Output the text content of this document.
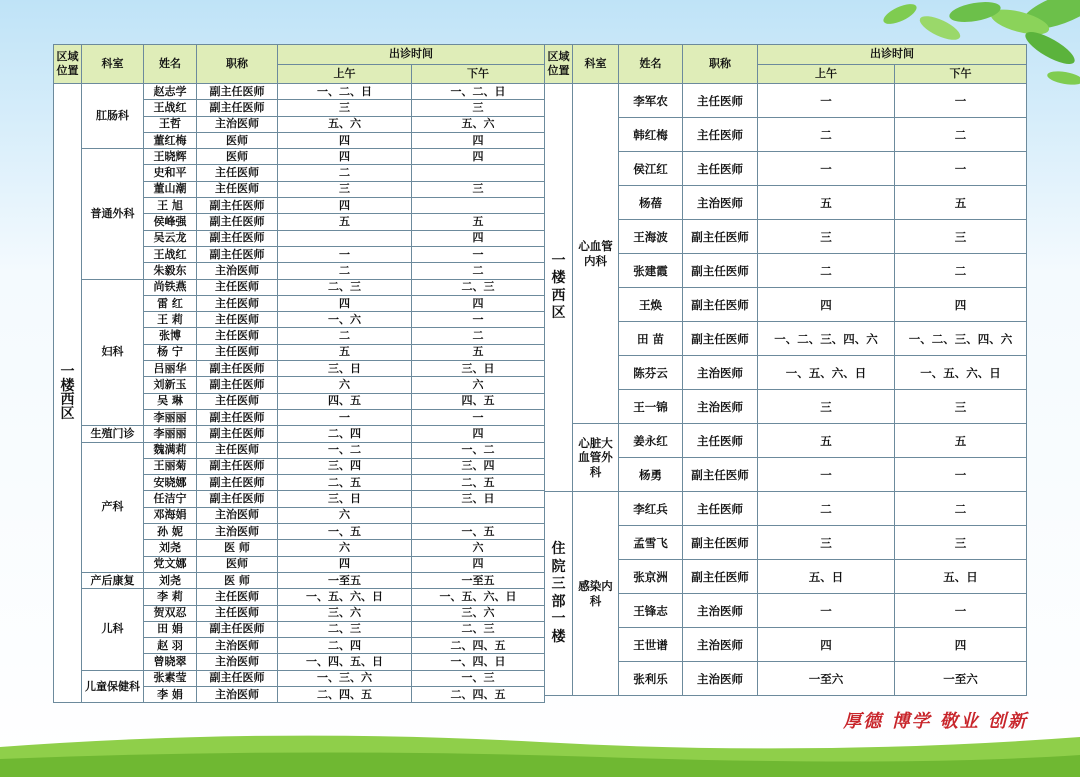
区域位置	科室	姓名	职称	出诊时间	
				上午	下午
一楼西区	肛肠科	赵志学	副主任医师	一、二、日	一、二、日
		王战红	副主任医师	三	三
		王哲	主治医师	五、六	五、六
		董红梅	医师	四	四
	普通外科	王晓辉	医师	四	四
		史和平	主任医师	二	
		董山潮	主任医师	三	三
		王 旭	副主任医师	四	
		侯峰强	副主任医师	五	五
		吴云龙	副主任医师		四
		王战红	副主任医师	一	一
		朱毅东	主治医师	二	二
	妇科	尚铁燕	主任医师	二、三	二、三
		雷 红	主任医师	四	四
		王 莉	主任医师	一、六	一
		张博	主任医师	二	二
		杨 宁	主任医师	五	五
		吕丽华	副主任医师	三、日	三、日
		刘新玉	副主任医师	六	六
		吴 琳	主任医师	四、五	四、五
		李丽丽	副主任医师	一	一
	生殖门诊	李丽丽	副主任医师	二、四	四
	产科	魏满莉	主任医师	一、二	一、二
		王丽菊	副主任医师	三、四	三、四
		安晓娜	副主任医师	二、五	二、五
		任洁宁	副主任医师	三、日	三、日
		邓海娟	主治医师	六	
		孙 妮	主治医师	一、五	一、五
		刘尧	医 师	六	六
		党文娜	医师	四	四
	产后康复	刘尧	医 师	一至五	一至五
	儿科	李 莉	主任医师	一、五、六、日	一、五、六、日
		贺双忍	主任医师	三、六	三、六
		田 娟	副主任医师	二、三	二、三
		赵 羽	主治医师	二、四	二、四、五
		曾晓翠	主治医师	一、四、五、日	一、四、日
	儿童保健科	张素莹	副主任医师	一、三、六	一、三
		李 娟	主治医师	二、四、五	二、四、五
区域位置	科室	姓名	职称	出诊时间	
				上午	下午
一楼西区	心血管内科	李军农	主任医师	一	一
		韩红梅	主任医师	二	二
		侯江红	主任医师	一	一
		杨蓓	主治医师	五	五
		王海波	副主任医师	三	三
		张建霞	副主任医师	二	二
		王焕	副主任医师	四	四
		田 苗	副主任医师	一、二、三、四、六	一、二、三、四、六
		陈芬云	主治医师	一、五、六、日	一、五、六、日
		王一锦	主治医师	三	三
	心脏大血管外科	姜永红	主任医师	五	五
		杨勇	副主任医师	一	一
住院三部一楼	感染内科	李红兵	主任医师	二	二
		孟雪飞	副主任医师	三	三
		张京洲	副主任医师	五、日	五、日
		王锋志	主治医师	一	一
		王世谱	主治医师	四	四
		张利乐	主治医师	一至六	一至六
厚德 博学 敬业 创新
